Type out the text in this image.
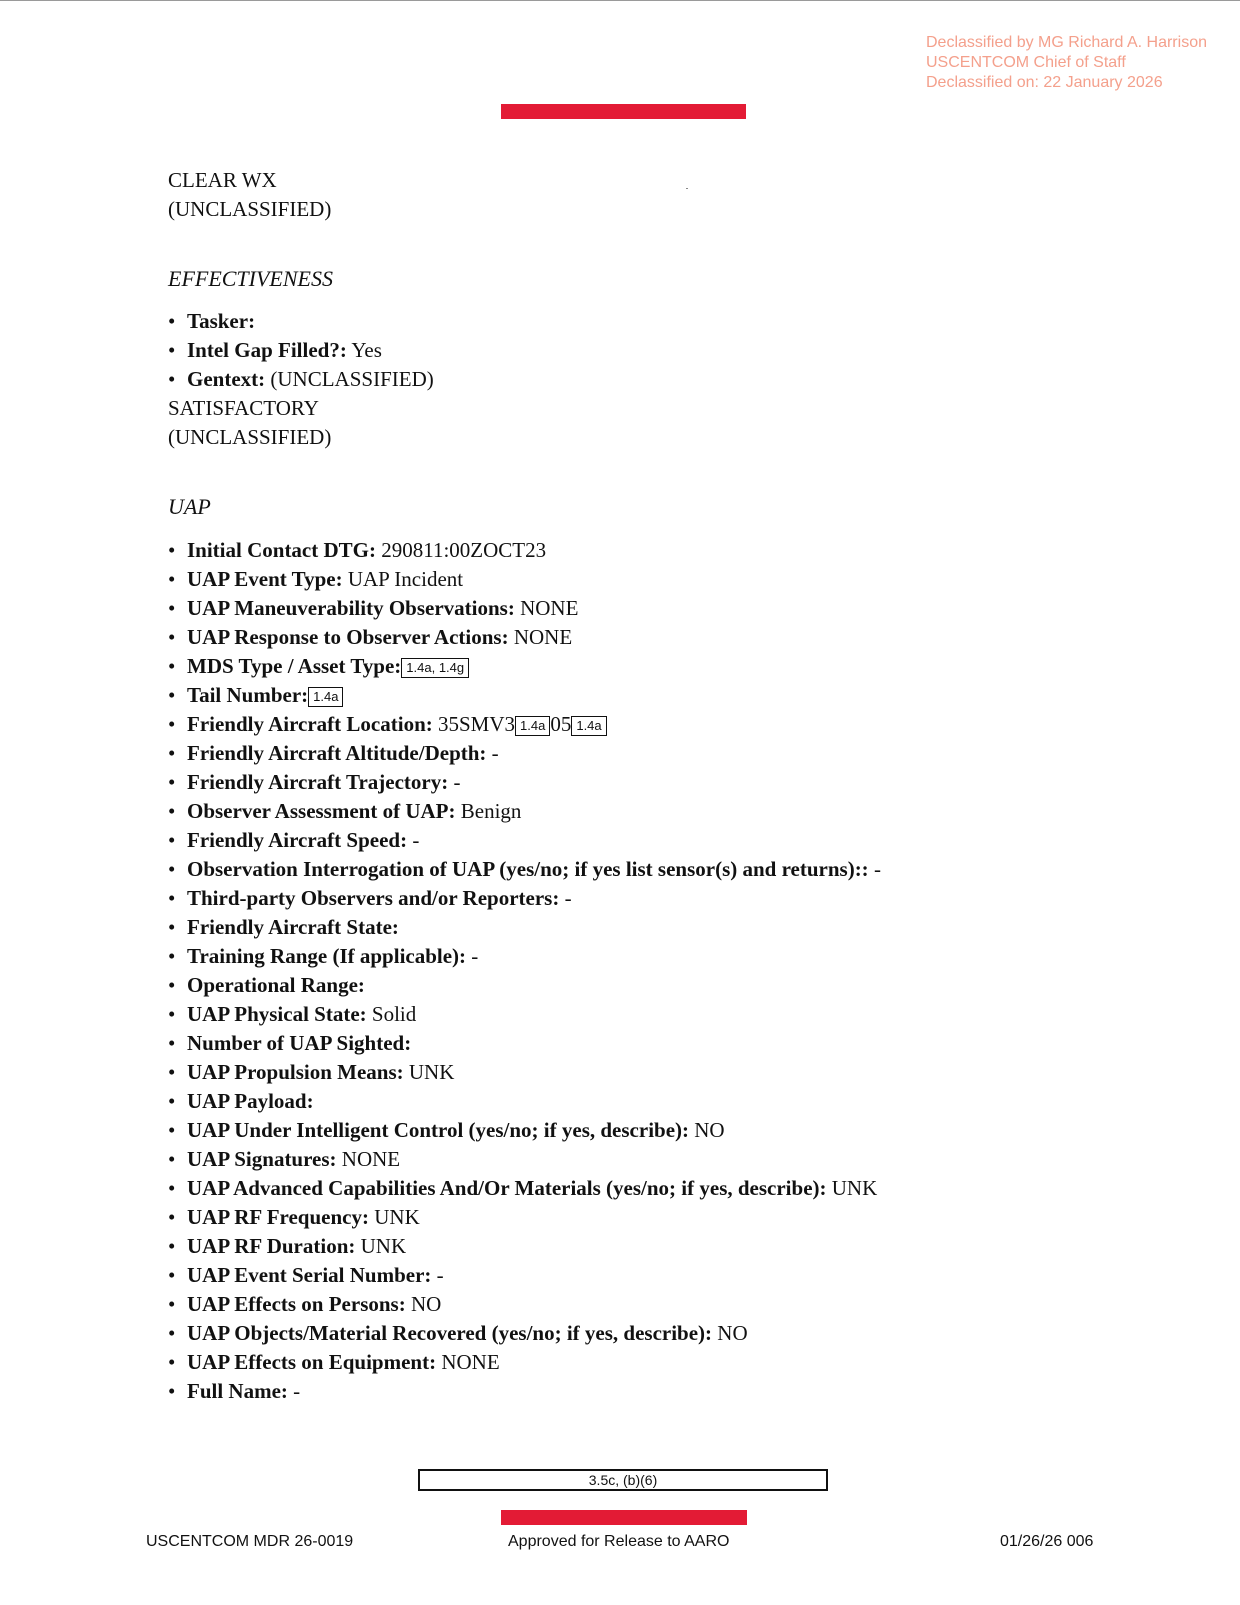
Declassified by MG Richard A. Harrison
USCENTCOM Chief of Staff
Declassified on: 22 January 2026
CLEAR WX
(UNCLASSIFIED)
EFFECTIVENESS
• Tasker:
• Intel Gap Filled?: Yes
• Gentext: (UNCLASSIFIED)
SATISFACTORY
(UNCLASSIFIED)
UAP
• Initial Contact DTG: 290811:00ZOCT23
• UAP Event Type: UAP Incident
• UAP Maneuverability Observations: NONE
• UAP Response to Observer Actions: NONE
• MDS Type / Asset Type: 1.4a, 1.4g
• Tail Number: 1.4a
• Friendly Aircraft Location: 35SMV3 1.4a 05 1.4a
• Friendly Aircraft Altitude/Depth: -
• Friendly Aircraft Trajectory: -
• Observer Assessment of UAP: Benign
• Friendly Aircraft Speed: -
• Observation Interrogation of UAP (yes/no; if yes list sensor(s) and returns):: -
• Third-party Observers and/or Reporters: -
• Friendly Aircraft State:
• Training Range (If applicable): -
• Operational Range:
• UAP Physical State: Solid
• Number of UAP Sighted:
• UAP Propulsion Means: UNK
• UAP Payload:
• UAP Under Intelligent Control (yes/no; if yes, describe): NO
• UAP Signatures: NONE
• UAP Advanced Capabilities And/Or Materials (yes/no; if yes, describe): UNK
• UAP RF Frequency: UNK
• UAP RF Duration: UNK
• UAP Event Serial Number: -
• UAP Effects on Persons: NO
• UAP Objects/Material Recovered (yes/no; if yes, describe): NO
• UAP Effects on Equipment: NONE
• Full Name: -
3.5c, (b)(6)
USCENTCOM MDR 26-0019	Approved for Release to AARO	01/26/26 006
